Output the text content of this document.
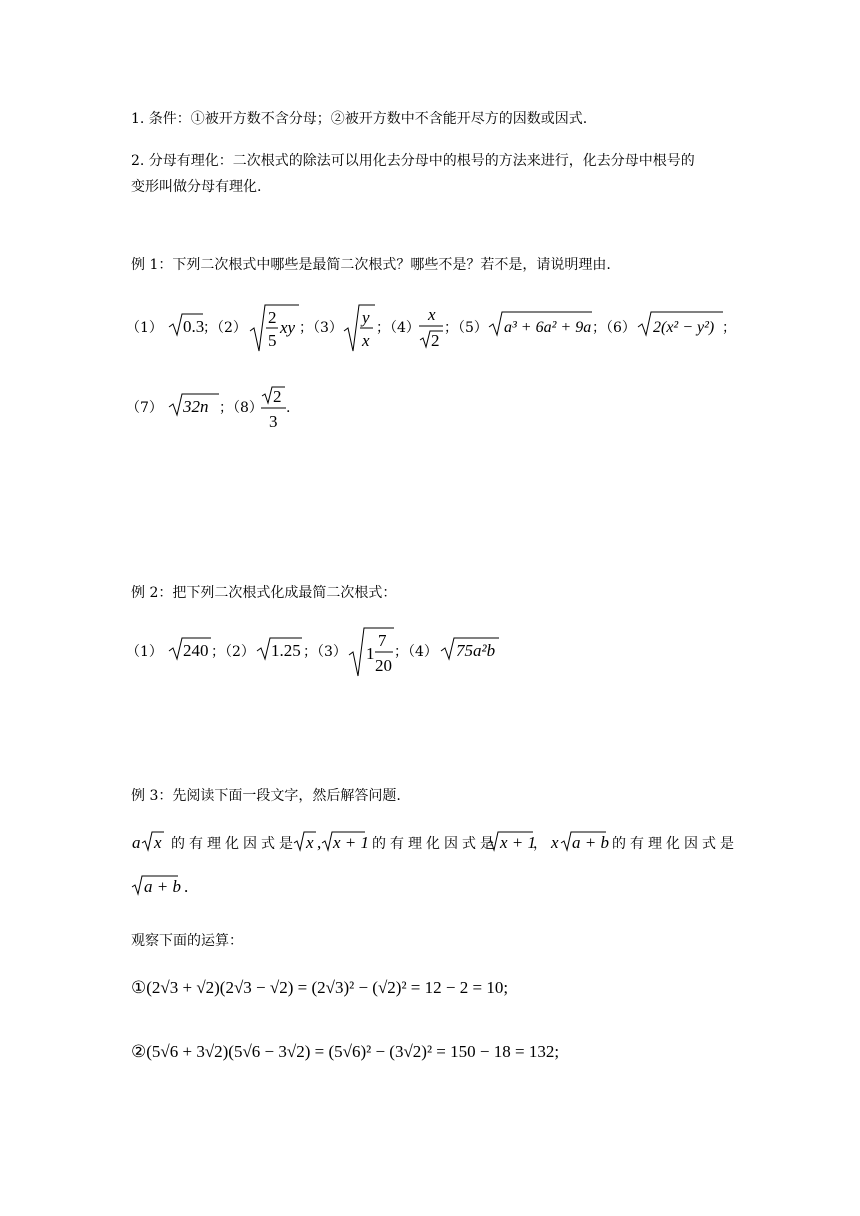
1. 条件：①被开方数不含分母；②被开方数中不含能开尽方的因数或因式.
2. 分母有理化：二次根式的除法可以用化去分母中的根号的方法来进行，化去分母中根号的
变形叫做分母有理化.
例 1：下列二次根式中哪些是最简二次根式？哪些不是？若不是，请说明理由.
（1） 0.3
；（2）
2
5
xy ；（3）
y
x
；（4）
x
2
；（5） a³ + 6a² + 9a ；（6） 2(x² − y²) ；
（7） 32n ；（8）
2
3
.
例 2：把下列二次根式化成最简二次根式：
（1） 240 ；（2） 1.25 ；（3） 1
7
20
；（4） 75a²b
例 3：先阅读下面一段文字，然后解答问题.
a x 的有理化因式是 x , x + 1 的有理化因式是 x + 1
， x a + b 的有理化因式是
a + b .
观察下面的运算：
①(2√3 + √2)(2√3 − √2) = (2√3)² − (√2)² = 12 − 2 = 10;
②(5√6 + 3√2)(5√6 − 3√2) = (5√6)² − (3√2)² = 150 − 18 = 132;
